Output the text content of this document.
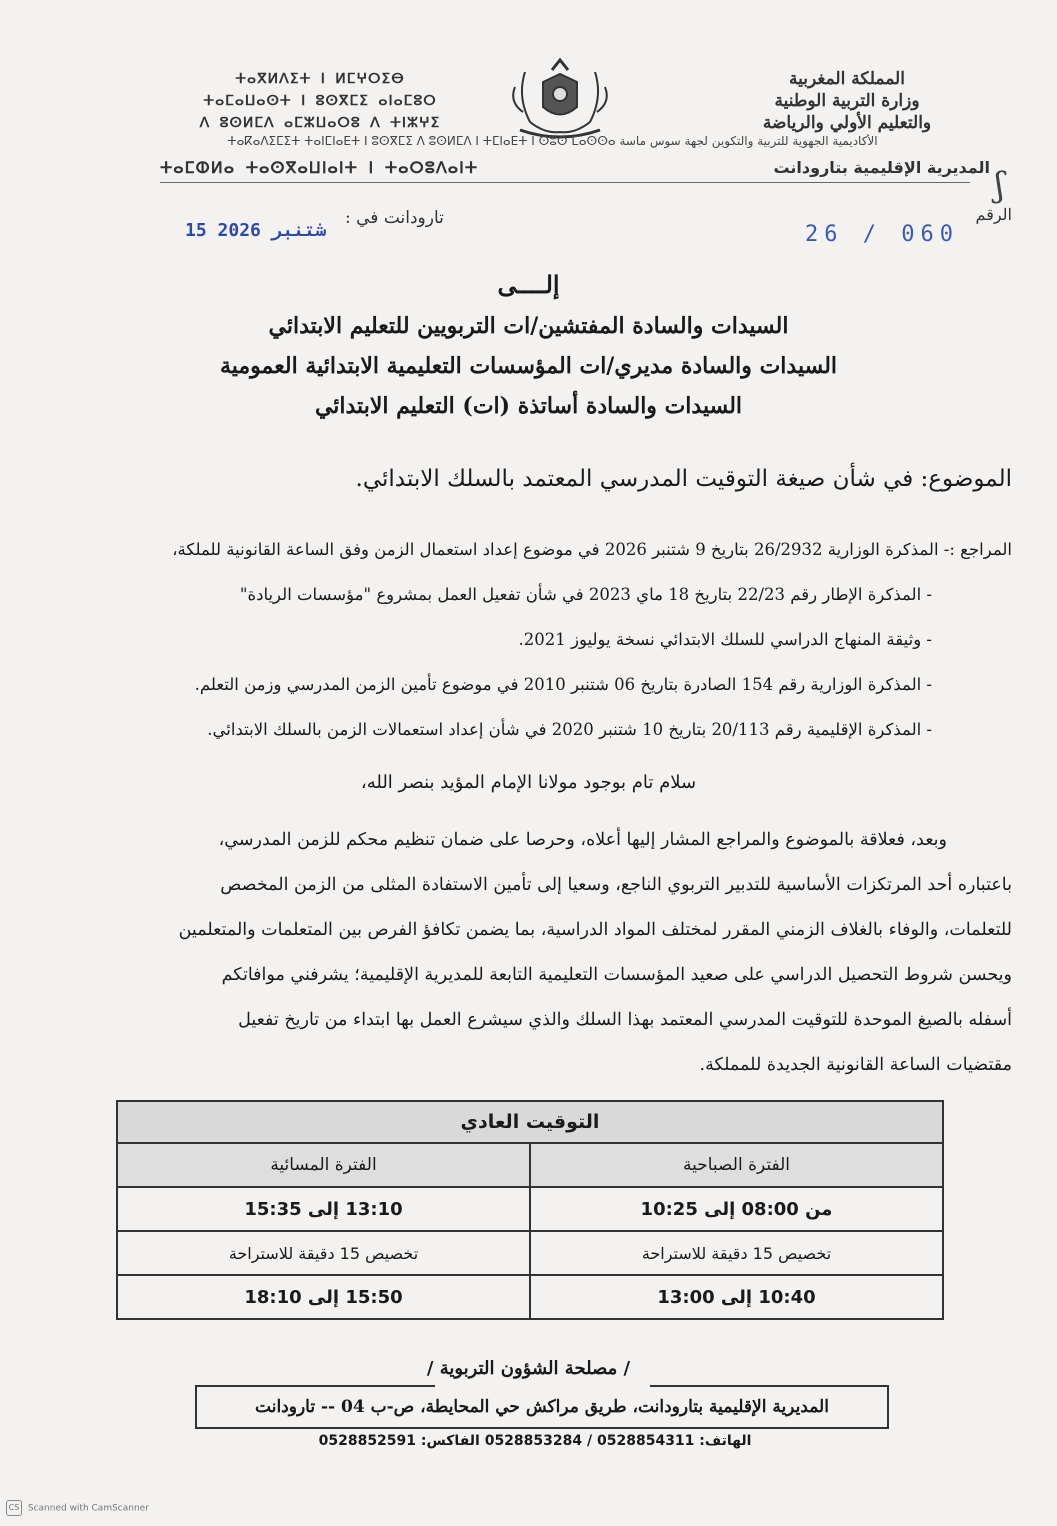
المملكة المغربية
وزارة التربية الوطنية
والتعليم الأولي والرياضة
ⵜⴰⴳⵍⴷⵉⵜ ⵏ ⵍⵎⵖⵔⵉⴱ
ⵜⴰⵎⴰⵡⴰⵙⵜ ⵏ ⵓⵙⴳⵎⵉ ⴰⵏⴰⵎⵓⵔ
ⴷ ⵓⵙⵍⵎⴷ ⴰⵎⵣⵡⴰⵔⵓ ⴷ ⵜⵏⵣⵖⵉ
الأكاديمية الجهوية للتربية والتكوين لجهة سوس ماسة ⵜⴰⴽⴰⴷⵉⵎⵉⵜ ⵜⴰⵏⵎⵏⴰⴹⵜ ⵏ ⵓⵙⴳⵎⵉ ⴷ ⵓⵙⵍⵎⴷ ⵏ ⵜⵎⵏⴰⴹⵜ ⵏ ⵙⵓⵙ ⵎⴰⵙⵙⴰ
المديرية الإقليمية بتارودانت
ⵜⴰⵎⵀⵍⴰ ⵜⴰⵙⴳⴰⵡⵏⴰⵏⵜ ⵏ ⵜⴰⵔⵓⴷⴰⵏⵜ	ʃ
الرقم
26 / 060
تارودانت في :
15 شتنبر 2026
إلــــى
السيدات والسادة المفتشين/ات التربويين للتعليم الابتدائي
السيدات والسادة مديري/ات المؤسسات التعليمية الابتدائية العمومية
السيدات والسادة أساتذة (ات) التعليم الابتدائي
الموضوع: في شأن صيغة التوقيت المدرسي المعتمد بالسلك الابتدائي.
المراجع :- المذكرة الوزارية 26/2932 بتاريخ 9 شتنبر 2026 في موضوع إعداد استعمال الزمن وفق الساعة القانونية للملكة،
- المذكرة الإطار رقم 22/23 بتاريخ 18 ماي 2023 في شأن تفعيل العمل بمشروع "مؤسسات الريادة"
- وثيقة المنهاج الدراسي للسلك الابتدائي نسخة يوليوز 2021.
- المذكرة الوزارية رقم 154 الصادرة بتاريخ 06 شتنبر 2010 في موضوع تأمين الزمن المدرسي وزمن التعلم.
- المذكرة الإقليمية رقم 20/113 بتاريخ 10 شتنبر 2020 في شأن إعداد استعمالات الزمن بالسلك الابتدائي.
سلام تام بوجود مولانا الإمام المؤيد بنصر الله،
وبعد، فعلاقة بالموضوع والمراجع المشار إليها أعلاه، وحرصا على ضمان تنظيم محكم للزمن المدرسي،
باعتباره أحد المرتكزات الأساسية للتدبير التربوي الناجع، وسعيا إلى تأمين الاستفادة المثلى من الزمن المخصص
للتعلمات، والوفاء بالغلاف الزمني المقرر لمختلف المواد الدراسية، بما يضمن تكافؤ الفرص بين المتعلمات والمتعلمين
ويحسن شروط التحصيل الدراسي على صعيد المؤسسات التعليمية التابعة للمديرية الإقليمية؛ يشرفني موافاتكم
أسفله بالصيغ الموحدة للتوقيت المدرسي المعتمد بهذا السلك والذي سيشرع العمل بها ابتداء من تاريخ تفعيل
مقتضيات الساعة القانونية الجديدة للمملكة.
التوقيت العادي	
الفترة الصباحية	الفترة المسائية
من 08:00 إلى 10:25	13:10 إلى 15:35
تخصيص 15 دقيقة للاستراحة	تخصيص 15 دقيقة للاستراحة
10:40 إلى 13:00	15:50 إلى 18:10
/ مصلحة الشؤون التربوية /
المديرية الإقليمية بتارودانت، طريق مراكش حي المحايطة، ص-ب 04 -- تارودانت
الهاتف: 0528854311 / 0528853284 الفاكس: 0528852591
CS Scanned with CamScanner
